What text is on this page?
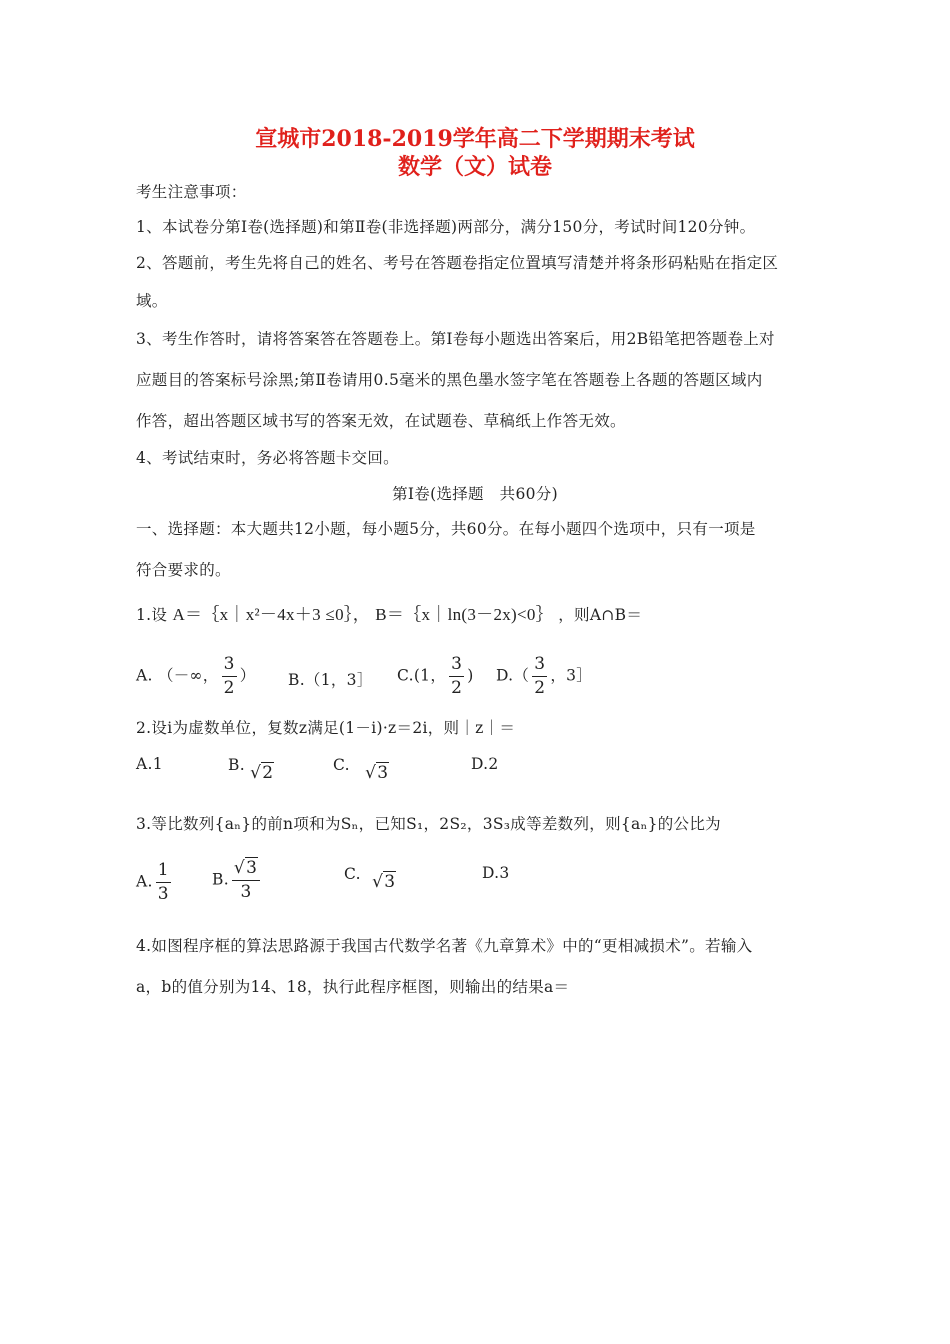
宣城市2018-2019学年高二下学期期末考试
数学（文）试卷
考生注意事项：
1、本试卷分第Ⅰ卷(选择题)和第Ⅱ卷(非选择题)两部分，满分150分，考试时间120分钟。
2、答题前，考生先将自己的姓名、考号在答题卷指定位置填写清楚并将条形码粘贴在指定区
域。
3、考生作答时，请将答案答在答题卷上。第Ⅰ卷每小题选出答案后，用2B铅笔把答题卷上对
应题目的答案标号涂黑;第Ⅱ卷请用0.5毫米的黑色墨水签字笔在答题卷上各题的答题区域内
作答，超出答题区域书写的答案无效，在试题卷、草稿纸上作答无效。
4、考试结束时，务必将答题卡交回。
第Ⅰ卷(选择题　共60分)
一、选择题：本大题共12小题，每小题5分，共60分。在每小题四个选项中，只有一项是
符合要求的。
1.设 A＝｛x｜x²－4x＋3 ≤0｝， B＝｛x｜ln(3－2x)<0｝ ，则A∩B＝
A. （－∞， $\frac{3}{2}$ ） B.（1，3］ C.(1， $\frac{3}{2}$ ) $D.( \frac{3}{2}$ ，3］
2.设i为虚数单位，复数z满足(1－i)·z＝2i，则｜z｜＝
A.1	B. √2	C. √3	D.2
3.等比数列{aₙ}的前n项和为Sₙ，已知S₁，2S₂，3S₃成等差数列，则{aₙ}的公比为
A. $\frac{1}{3}$	B. $\frac{√3}{3}$	C. √3	D.3
4.如图程序框的算法思路源于我国古代数学名著《九章算术》中的“更相减损术”。若输入
a，b的值分别为14、18，执行此程序框图，则输出的结果a＝
